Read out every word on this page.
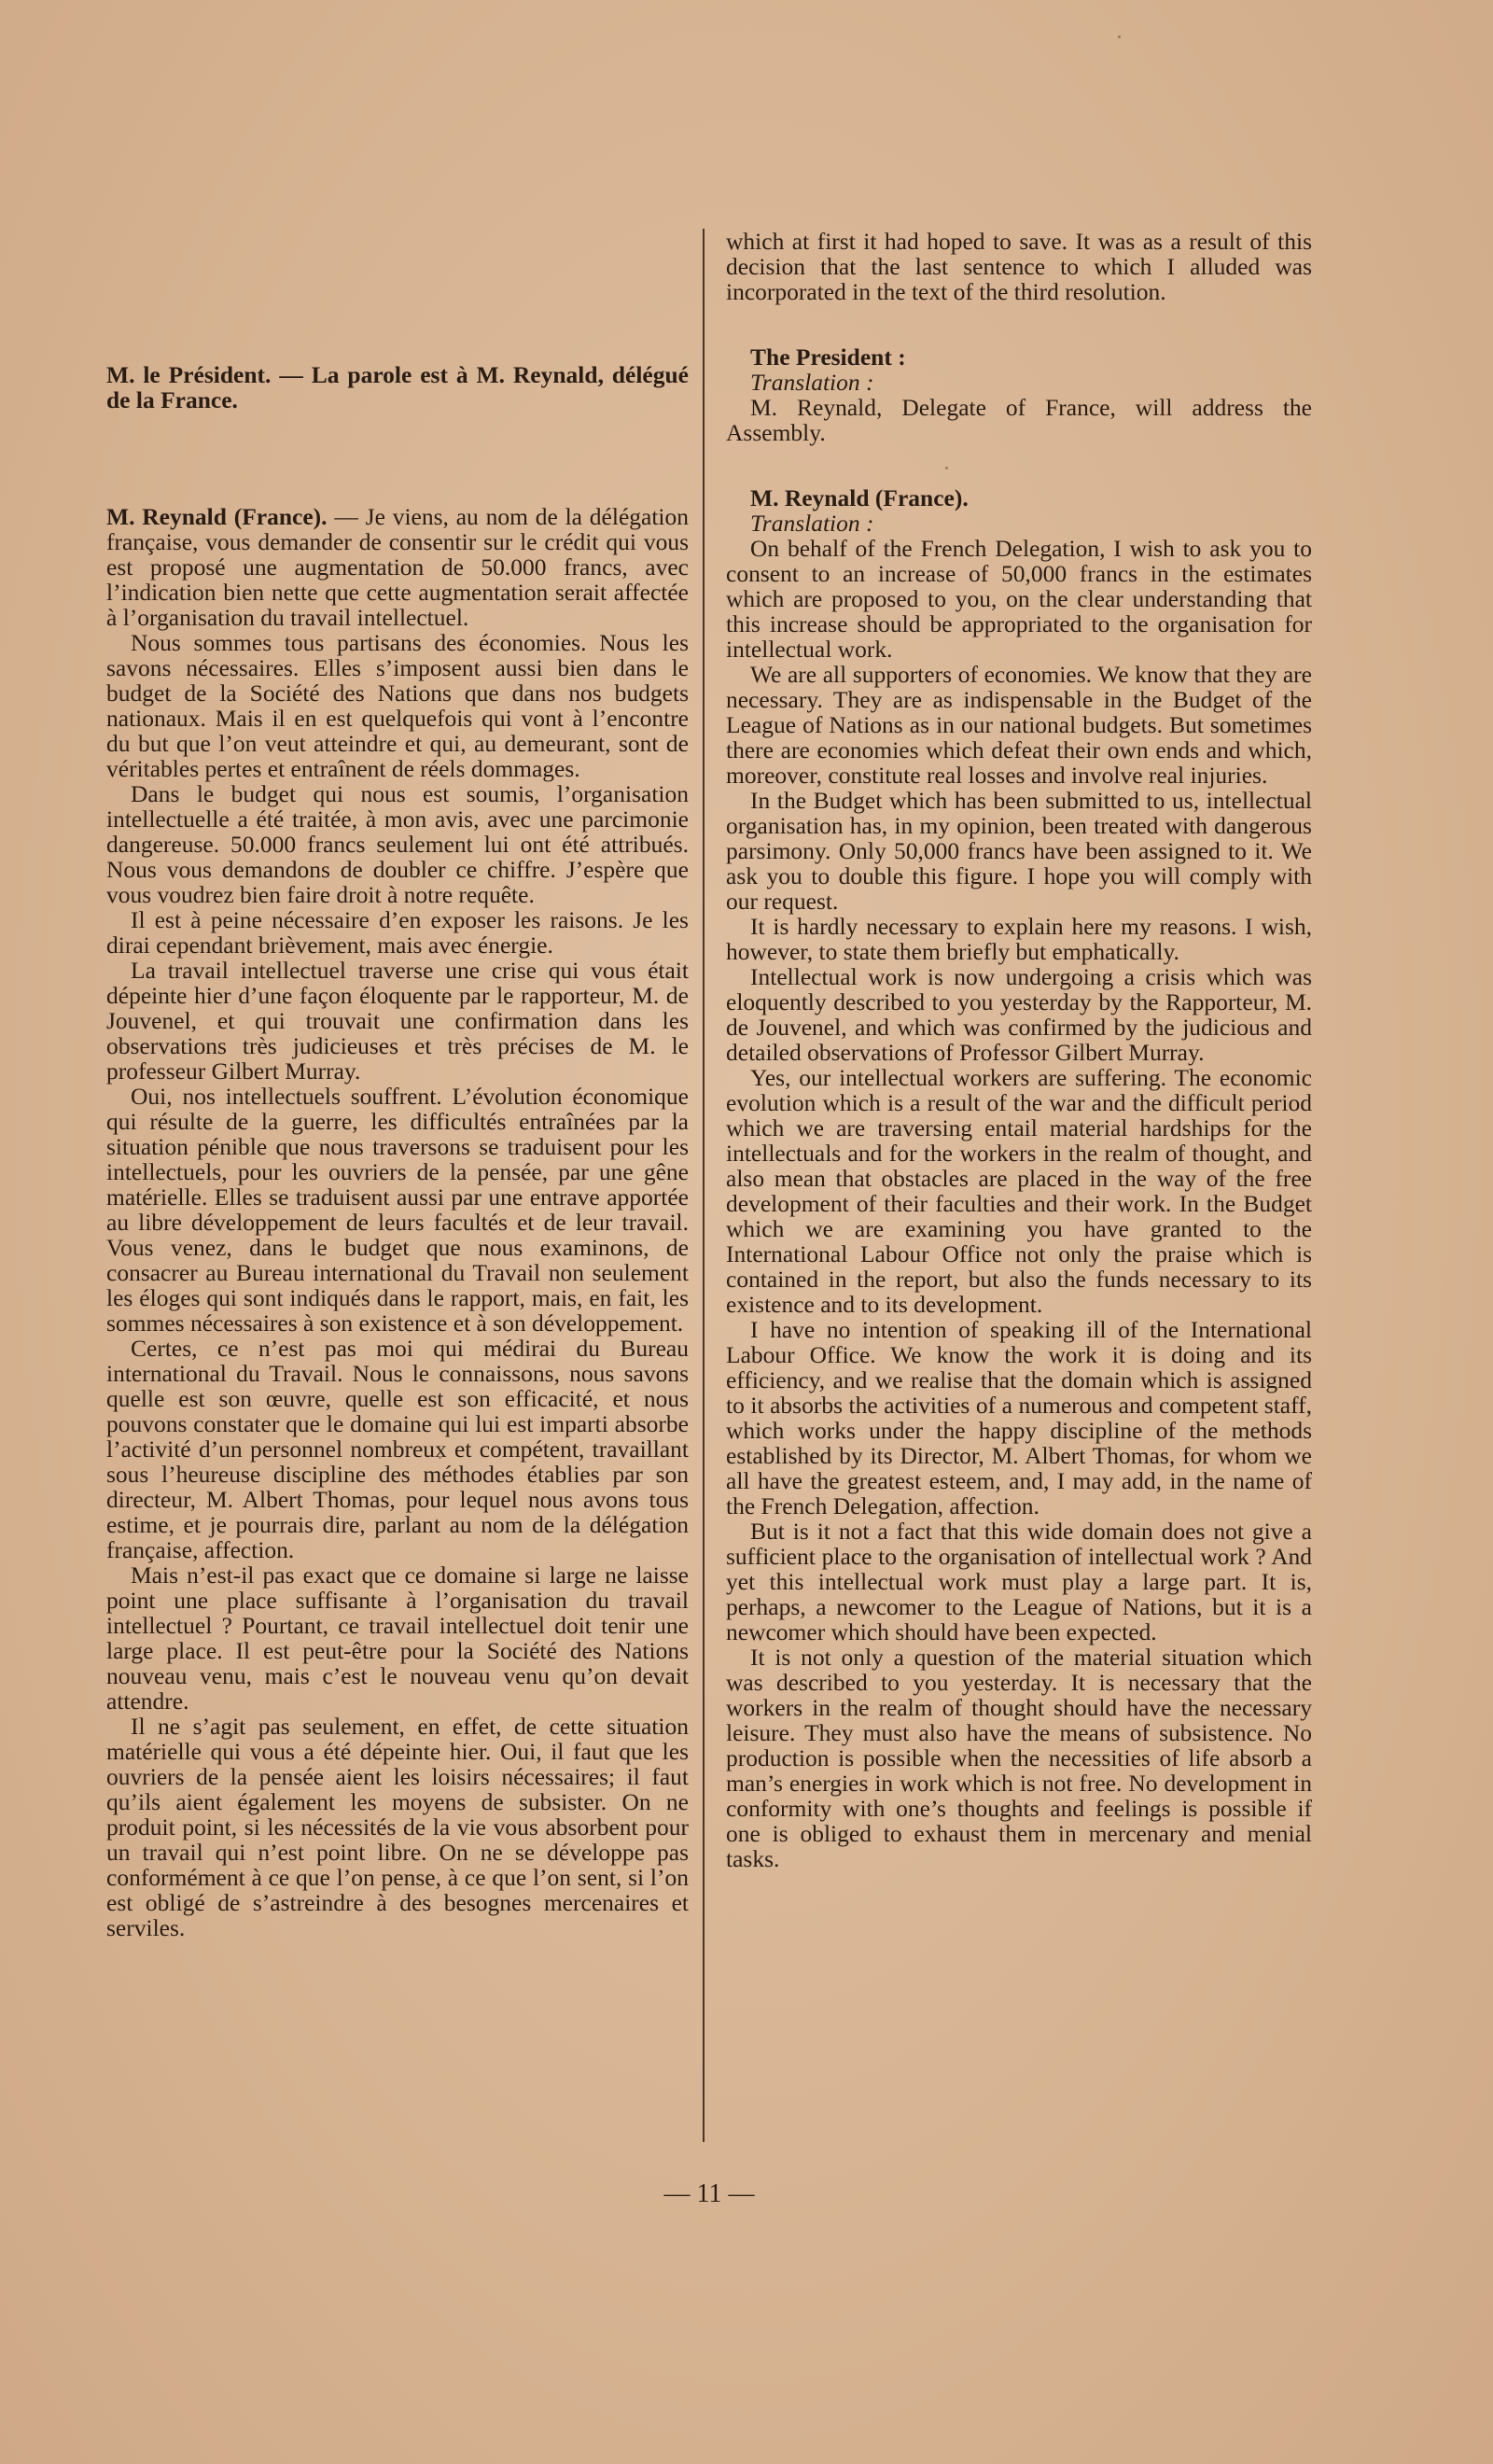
M. le Président. — La parole est à M. Reynald, délégué de la France.

M. Reynald (France). — Je viens, au nom de la délégation française, vous demander de consentir sur le crédit qui vous est proposé une augmentation de 50.000 francs, avec l’indication bien nette que cette augmentation serait affectée à l’organisation du travail intellectuel.

Nous sommes tous partisans des économies. Nous les savons nécessaires. Elles s’imposent aussi bien dans le budget de la Société des Nations que dans nos budgets nationaux. Mais il en est quelquefois qui vont à l’encontre du but que l’on veut atteindre et qui, au demeurant, sont de véritables pertes et entraînent de réels dommages.

Dans le budget qui nous est soumis, l’organisation intellectuelle a été traitée, à mon avis, avec une parcimonie dangereuse. 50.000 francs seulement lui ont été attribués. Nous vous demandons de doubler ce chiffre. J’espère que vous voudrez bien faire droit à notre requête.

Il est à peine nécessaire d’en exposer les raisons. Je les dirai cependant brièvement, mais avec énergie.

La travail intellectuel traverse une crise qui vous était dépeinte hier d’une façon éloquente par le rapporteur, M. de Jouvenel, et qui trouvait une confirmation dans les observations très judicieuses et très précises de M. le professeur Gilbert Murray.

Oui, nos intellectuels souffrent. L’évolution économique qui résulte de la guerre, les difficultés entraînées par la situation pénible que nous traversons se traduisent pour les intellectuels, pour les ouvriers de la pensée, par une gêne matérielle. Elles se traduisent aussi par une entrave apportée au libre développement de leurs facultés et de leur travail. Vous venez, dans le budget que nous examinons, de consacrer au Bureau international du Travail non seulement les éloges qui sont indiqués dans le rapport, mais, en fait, les sommes nécessaires à son existence et à son développement.

Certes, ce n’est pas moi qui médirai du Bureau international du Travail. Nous le connaissons, nous savons quelle est son œuvre, quelle est son efficacité, et nous pouvons constater que le domaine qui lui est imparti absorbe l’activité d’un personnel nombreux et compétent, travaillant sous l’heureuse discipline des méthodes établies par son directeur, M. Albert Thomas, pour lequel nous avons tous estime, et je pourrais dire, parlant au nom de la délégation française, affection.

Mais n’est-il pas exact que ce domaine si large ne laisse point une place suffisante à l’organisation du travail intellectuel ? Pourtant, ce travail intellectuel doit tenir une large place. Il est peut-être pour la Société des Nations nouveau venu, mais c’est le nouveau venu qu’on devait attendre.

Il ne s’agit pas seulement, en effet, de cette situation matérielle qui vous a été dépeinte hier. Oui, il faut que les ouvriers de la pensée aient les loisirs nécessaires; il faut qu’ils aient également les moyens de subsister. On ne produit point, si les nécessités de la vie vous absorbent pour un travail qui n’est point libre. On ne se développe pas conformément à ce que l’on pense, à ce que l’on sent, si l’on est obligé de s’astreindre à des besognes mercenaires et serviles.

which at first it had hoped to save. It was as a result of this decision that the last sentence to which I alluded was incorporated in the text of the third resolution.

The President :

Translation :

M. Reynald, Delegate of France, will address the Assembly.

M. Reynald (France).

Translation :

On behalf of the French Delegation, I wish to ask you to consent to an increase of 50,000 francs in the estimates which are proposed to you, on the clear understanding that this increase should be appropriated to the organisation for intellectual work.

We are all supporters of economies. We know that they are necessary. They are as indispensable in the Budget of the League of Nations as in our national budgets. But sometimes there are economies which defeat their own ends and which, moreover, constitute real losses and involve real injuries.

In the Budget which has been submitted to us, intellectual organisation has, in my opinion, been treated with dangerous parsimony. Only 50,000 francs have been assigned to it. We ask you to double this figure. I hope you will comply with our request.

It is hardly necessary to explain here my reasons. I wish, however, to state them briefly but emphatically.

Intellectual work is now undergoing a crisis which was eloquently described to you yesterday by the Rapporteur, M. de Jouvenel, and which was confirmed by the judicious and detailed observations of Professor Gilbert Murray.

Yes, our intellectual workers are suffering. The economic evolution which is a result of the war and the difficult period which we are traversing entail material hardships for the intellectuals and for the workers in the realm of thought, and also mean that obstacles are placed in the way of the free development of their faculties and their work. In the Budget which we are examining you have granted to the International Labour Office not only the praise which is contained in the report, but also the funds necessary to its existence and to its development.

I have no intention of speaking ill of the International Labour Office. We know the work it is doing and its efficiency, and we realise that the domain which is assigned to it absorbs the activities of a numerous and competent staff, which works under the happy discipline of the methods established by its Director, M. Albert Thomas, for whom we all have the greatest esteem, and, I may add, in the name of the French Delegation, affection.

But is it not a fact that this wide domain does not give a sufficient place to the organisation of intellectual work ? And yet this intellectual work must play a large part. It is, perhaps, a newcomer to the League of Nations, but it is a newcomer which should have been expected.

It is not only a question of the material situation which was described to you yesterday. It is necessary that the workers in the realm of thought should have the necessary leisure. They must also have the means of subsistence. No production is possible when the necessities of life absorb a man’s energies in work which is not free. No development in conformity with one’s thoughts and feelings is possible if one is obliged to exhaust them in mercenary and menial tasks.

— 11 —
